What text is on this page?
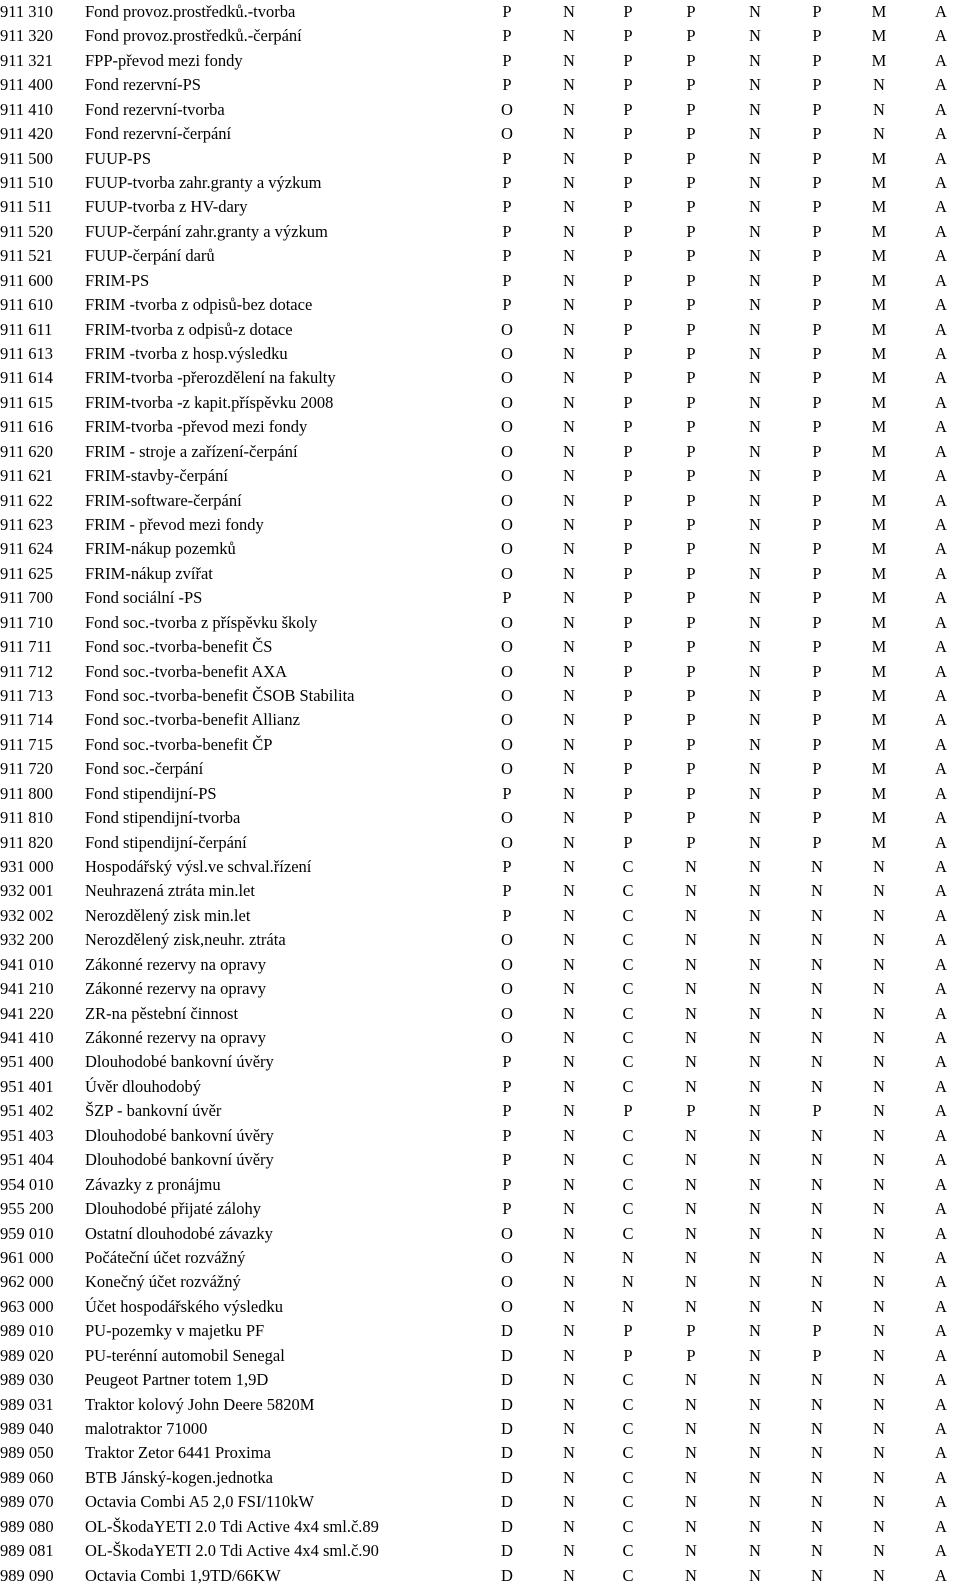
911 310 Fond provoz.prostředků.-tvorba	P	N	P	P	N	P	M	A
911 320 Fond provoz.prostředků.-čerpání	P	N	P	P	N	P	M	A
911 321 FPP-převod mezi fondy	P	N	P	P	N	P	M	A
911 400 Fond rezervní-PS	P	N	P	P	N	P	N	A
911 410 Fond rezervní-tvorba	O	N	P	P	N	P	N	A
911 420 Fond rezervní-čerpání	O	N	P	P	N	P	N	A
911 500 FUUP-PS	P	N	P	P	N	P	M	A
911 510 FUUP-tvorba zahr.granty a výzkum	P	N	P	P	N	P	M	A
911 511 FUUP-tvorba z HV-dary	P	N	P	P	N	P	M	A
911 520 FUUP-čerpání zahr.granty a výzkum	P	N	P	P	N	P	M	A
911 521 FUUP-čerpání darů	P	N	P	P	N	P	M	A
911 600 FRIM-PS	P	N	P	P	N	P	M	A
911 610 FRIM -tvorba z odpisů-bez dotace	P	N	P	P	N	P	M	A
911 611 FRIM-tvorba z odpisů-z dotace	O	N	P	P	N	P	M	A
911 613 FRIM -tvorba z hosp.výsledku	O	N	P	P	N	P	M	A
911 614 FRIM-tvorba -přerozdělení na fakulty	O	N	P	P	N	P	M	A
911 615 FRIM-tvorba -z kapit.příspěvku 2008	O	N	P	P	N	P	M	A
911 616 FRIM-tvorba -převod mezi fondy	O	N	P	P	N	P	M	A
911 620 FRIM - stroje a zařízení-čerpání	O	N	P	P	N	P	M	A
911 621 FRIM-stavby-čerpání	O	N	P	P	N	P	M	A
911 622 FRIM-software-čerpání	O	N	P	P	N	P	M	A
911 623 FRIM - převod mezi fondy	O	N	P	P	N	P	M	A
911 624 FRIM-nákup pozemků	O	N	P	P	N	P	M	A
911 625 FRIM-nákup zvířat	O	N	P	P	N	P	M	A
911 700 Fond sociální -PS	P	N	P	P	N	P	M	A
911 710 Fond soc.-tvorba z příspěvku školy	O	N	P	P	N	P	M	A
911 711 Fond soc.-tvorba-benefit ČS	O	N	P	P	N	P	M	A
911 712 Fond soc.-tvorba-benefit AXA	O	N	P	P	N	P	M	A
911 713 Fond soc.-tvorba-benefit ČSOB Stabilita	O	N	P	P	N	P	M	A
911 714 Fond soc.-tvorba-benefit Allianz	O	N	P	P	N	P	M	A
911 715 Fond soc.-tvorba-benefit ČP	O	N	P	P	N	P	M	A
911 720 Fond soc.-čerpání	O	N	P	P	N	P	M	A
911 800 Fond stipendijní-PS	P	N	P	P	N	P	M	A
911 810 Fond stipendijní-tvorba	O	N	P	P	N	P	M	A
911 820 Fond stipendijní-čerpání	O	N	P	P	N	P	M	A
931 000 Hospodářský výsl.ve schval.řízení	P	N	C	N	N	N	N	A
932 001 Neuhrazená ztráta min.let	P	N	C	N	N	N	N	A
932 002 Nerozdělený zisk min.let	P	N	C	N	N	N	N	A
932 200 Nerozdělený zisk,neuhr. ztráta	O	N	C	N	N	N	N	A
941 010 Zákonné rezervy na opravy	O	N	C	N	N	N	N	A
941 210 Zákonné rezervy na opravy	O	N	C	N	N	N	N	A
941 220 ZR-na pěstební činnost	O	N	C	N	N	N	N	A
941 410 Zákonné rezervy na opravy	O	N	C	N	N	N	N	A
951 400 Dlouhodobé bankovní úvěry	P	N	C	N	N	N	N	A
951 401 Úvěr dlouhodobý	P	N	C	N	N	N	N	A
951 402 ŠZP - bankovní úvěr	P	N	P	P	N	P	N	A
951 403 Dlouhodobé bankovní úvěry	P	N	C	N	N	N	N	A
951 404 Dlouhodobé bankovní úvěry	P	N	C	N	N	N	N	A
954 010 Závazky z pronájmu	P	N	C	N	N	N	N	A
955 200 Dlouhodobé přijaté zálohy	P	N	C	N	N	N	N	A
959 010 Ostatní dlouhodobé závazky	O	N	C	N	N	N	N	A
961 000 Počáteční účet rozvážný	O	N	N	N	N	N	N	A
962 000 Konečný účet rozvážný	O	N	N	N	N	N	N	A
963 000 Účet hospodářského výsledku	O	N	N	N	N	N	N	A
989 010 PU-pozemky v majetku PF	D	N	P	P	N	P	N	A
989 020 PU-terénní automobil Senegal	D	N	P	P	N	P	N	A
989 030 Peugeot Partner totem 1,9D	D	N	C	N	N	N	N	A
989 031 Traktor kolový John Deere 5820M	D	N	C	N	N	N	N	A
989 040 malotraktor 71000	D	N	C	N	N	N	N	A
989 050 Traktor Zetor 6441 Proxima	D	N	C	N	N	N	N	A
989 060 BTB Jánský-kogen.jednotka	D	N	C	N	N	N	N	A
989 070 Octavia Combi A5 2,0 FSI/110kW	D	N	C	N	N	N	N	A
989 080 OL-ŠkodaYETI 2.0 Tdi Active 4x4 sml.č.89	D	N	C	N	N	N	N	A
989 081 OL-ŠkodaYETI 2.0 Tdi Active 4x4 sml.č.90	D	N	C	N	N	N	N	A
989 090 Octavia Combi 1,9TD/66KW	D	N	C	N	N	N	N	A
